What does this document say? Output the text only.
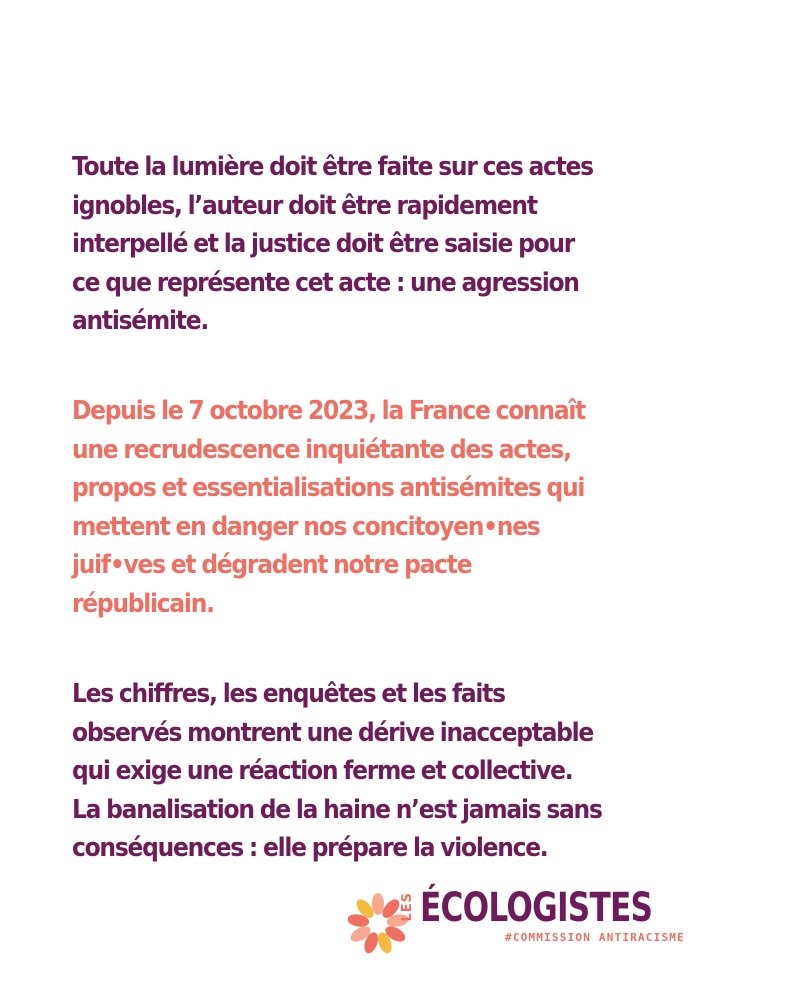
Toute la lumière doit être faite sur ces actes
ignobles, l’auteur doit être rapidement
interpellé et la justice doit être saisie pour
ce que représente cet acte : une agression
antisémite.

Depuis le 7 octobre 2023, la France connaît
une recrudescence inquiétante des actes,
propos et essentialisations antisémites qui
mettent en danger nos concitoyen•nes
juif•ves et dégradent notre pacte
républicain.

Les chiffres, les enquêtes et les faits
observés montrent une dérive inacceptable
qui exige une réaction ferme et collective.
La banalisation de la haine n’est jamais sans
conséquences : elle prépare la violence.

LES ÉCOLOGISTES
#COMMISSION ANTIRACISME
